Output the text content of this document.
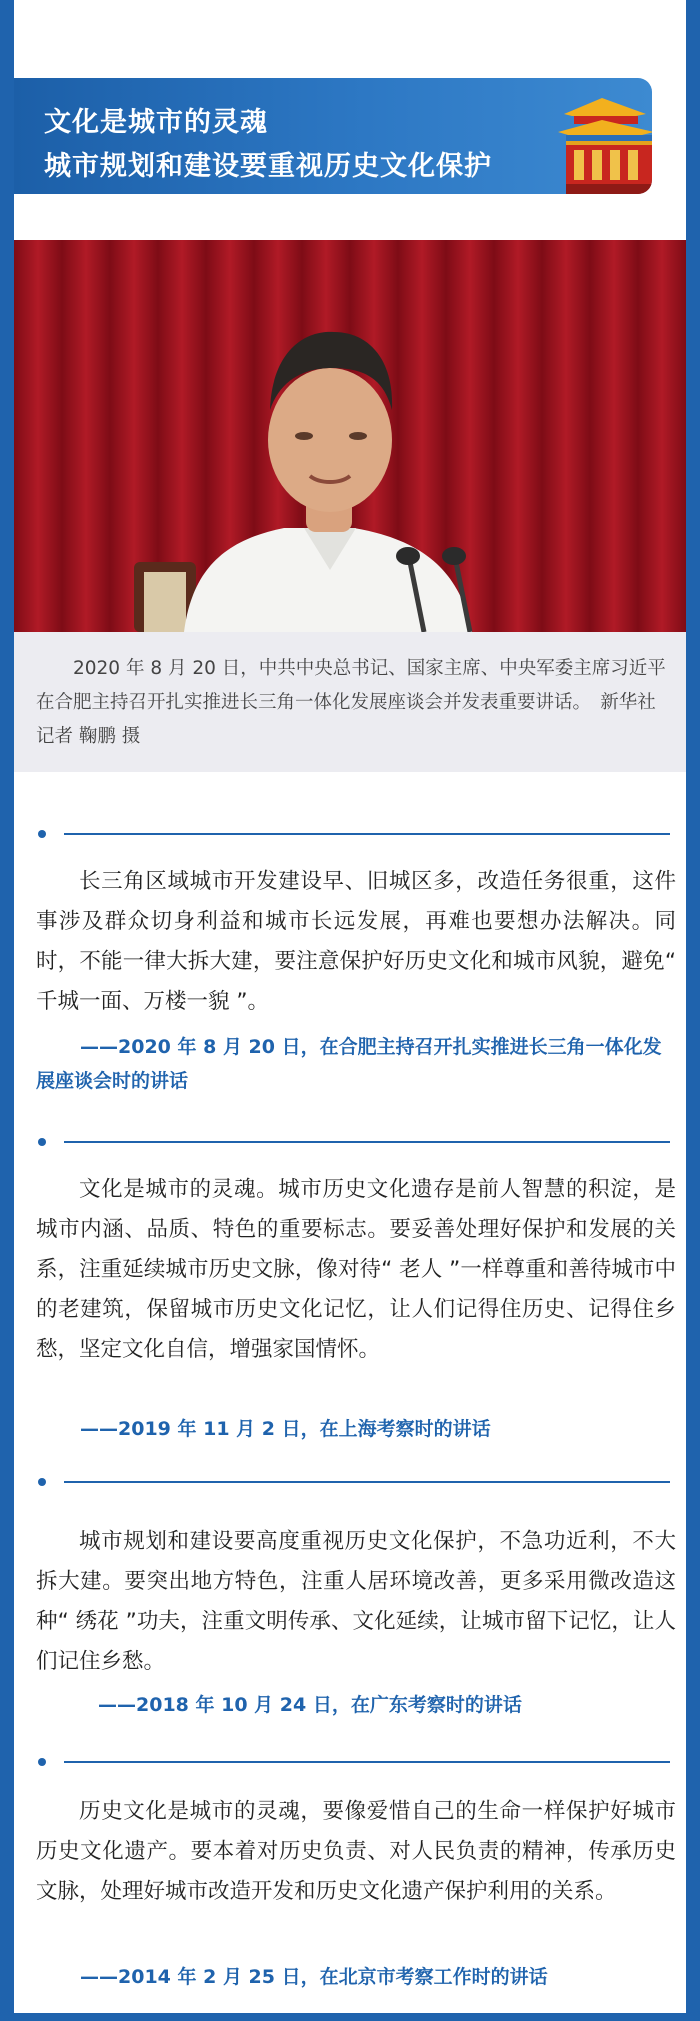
文化是城市的灵魂
城市规划和建设要重视历史文化保护

2020 年 8 月 20 日，中共中央总书记、国家主席、中央军委主席习近平在合肥主持召开扎实推进长三角一体化发展座谈会并发表重要讲话。　新华社记者 鞠鹏 摄

长三角区域城市开发建设早、旧城区多，改造任务很重，这件事涉及群众切身利益和城市长远发展，再难也要想办法解决。同时，不能一律大拆大建，要注意保护好历史文化和城市风貌，避免“ 千城一面、万楼一貌 ”。

——2020 年 8 月 20 日，在合肥主持召开扎实推进长三角一体化发展座谈会时的讲话

文化是城市的灵魂。城市历史文化遗存是前人智慧的积淀，是城市内涵、品质、特色的重要标志。要妥善处理好保护和发展的关系，注重延续城市历史文脉，像对待“ 老人 ”一样尊重和善待城市中的老建筑，保留城市历史文化记忆，让人们记得住历史、记得住乡愁，坚定文化自信，增强家国情怀。

——2019 年 11 月 2 日，在上海考察时的讲话

城市规划和建设要高度重视历史文化保护，不急功近利，不大拆大建。要突出地方特色，注重人居环境改善，更多采用微改造这种“ 绣花 ”功夫，注重文明传承、文化延续，让城市留下记忆，让人们记住乡愁。

——2018 年 10 月 24 日，在广东考察时的讲话

历史文化是城市的灵魂，要像爱惜自己的生命一样保护好城市历史文化遗产。要本着对历史负责、对人民负责的精神，传承历史文脉，处理好城市改造开发和历史文化遗产保护利用的关系。

——2014 年 2 月 25 日，在北京市考察工作时的讲话
